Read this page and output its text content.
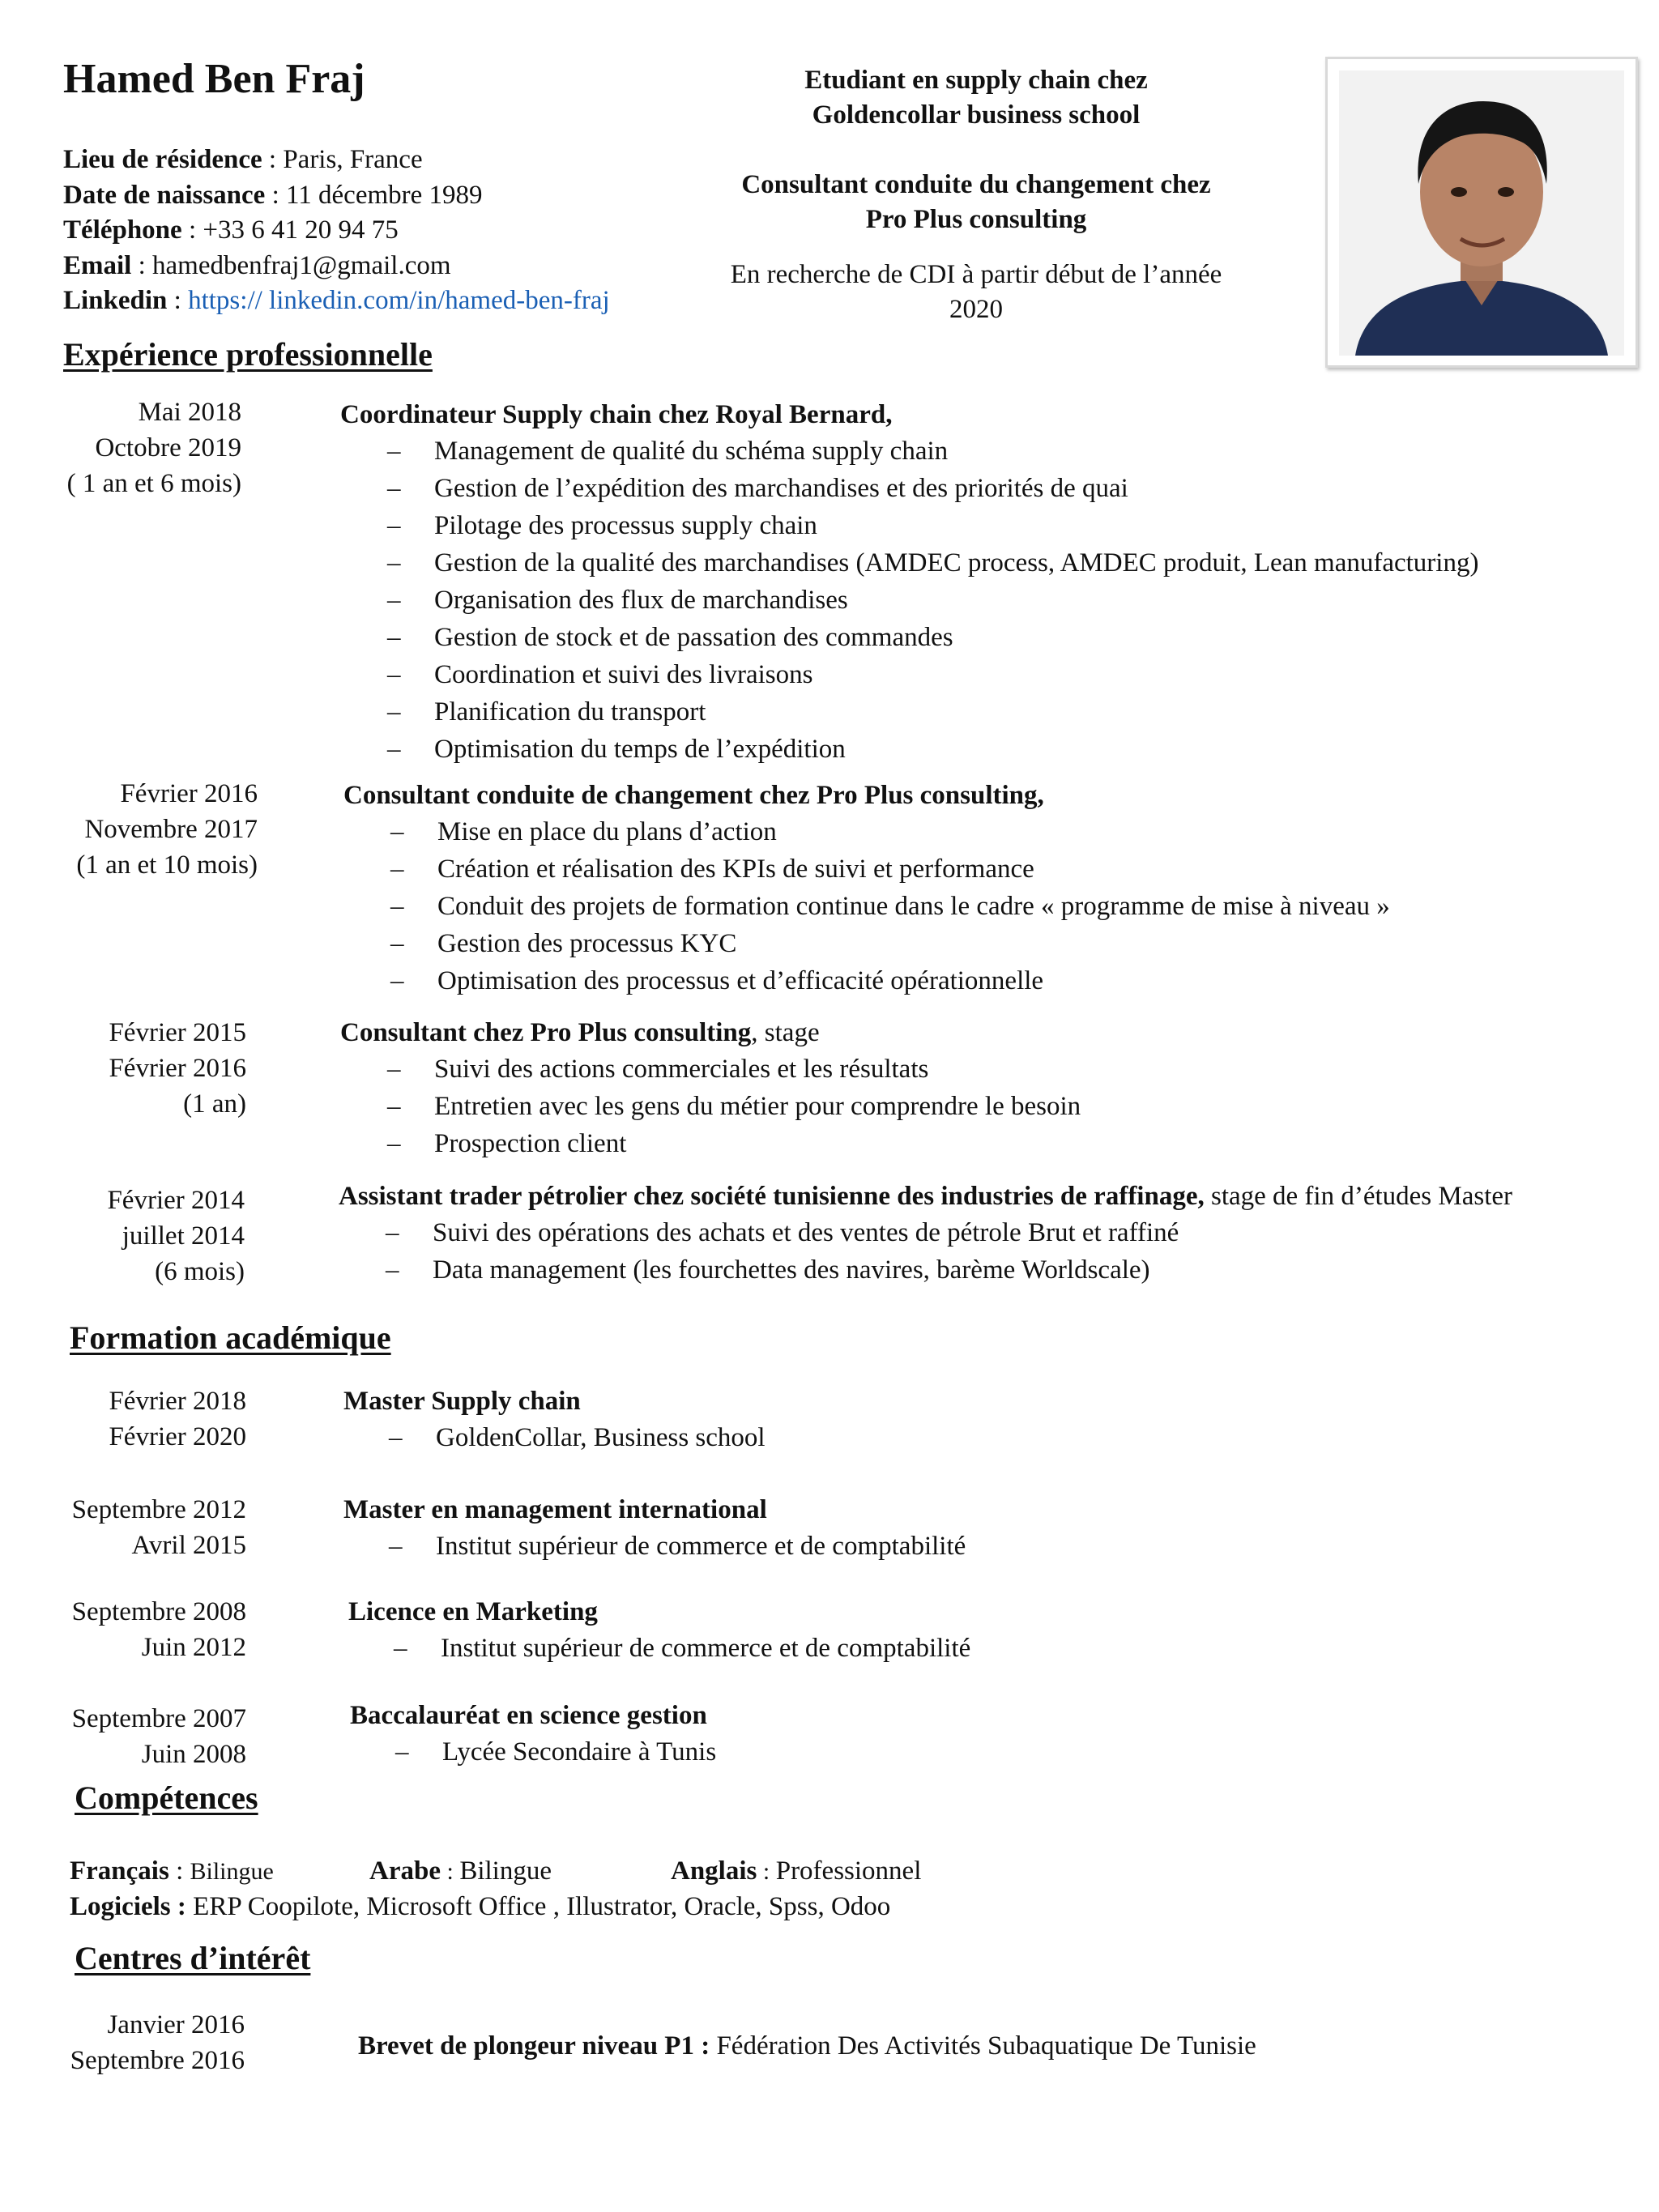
Hamed Ben Fraj
Lieu de résidence : Paris, France
Date de naissance : 11 décembre 1989
Téléphone : +33 6 41 20 94 75
Email : hamedbenfraj1@gmail.com
Linkedin : https:// linkedin.com/in/hamed-ben-fraj
Etudiant en supply chain chez
Goldencollar business school
Consultant conduite du changement chez
Pro Plus consulting
En recherche de CDI à partir début de l’année
2020
Expérience professionnelle
Mai 2018
Octobre 2019
( 1 an et 6 mois)
Coordinateur Supply chain chez Royal Bernard,
– Management de qualité du schéma supply chain
– Gestion de l’expédition des marchandises et des priorités de quai
– Pilotage des processus supply chain
– Gestion de la qualité des marchandises (AMDEC process, AMDEC produit, Lean manufacturing)
– Organisation des flux de marchandises
– Gestion de stock et de passation des commandes
– Coordination et suivi des livraisons
– Planification du transport
– Optimisation du temps de l’expédition
Février 2016
Novembre 2017
(1 an et 10 mois)
Consultant conduite de changement chez Pro Plus consulting,
– Mise en place du plans d’action
– Création et réalisation des KPIs de suivi et performance
– Conduit des projets de formation continue dans le cadre « programme de mise à niveau »
– Gestion des processus KYC
– Optimisation des processus et d’efficacité opérationnelle
Février 2015
Février 2016
(1 an)
Consultant chez Pro Plus consulting, stage
– Suivi des actions commerciales et les résultats
– Entretien avec les gens du métier pour comprendre le besoin
– Prospection client
Février 2014
juillet 2014
(6 mois)
Assistant trader pétrolier chez société tunisienne des industries de raffinage, stage de fin d’études Master
– Suivi des opérations des achats et des ventes de pétrole Brut et raffiné
– Data management (les fourchettes des navires, barème Worldscale)
Formation académique
Février 2018
Février 2020
Master Supply chain
– GoldenCollar, Business school
Septembre 2012
Avril 2015
Master en management international
– Institut supérieur de commerce et de comptabilité
Septembre 2008
Juin 2012
Licence en Marketing
– Institut supérieur de commerce et de comptabilité
Septembre 2007
Juin 2008
Baccalauréat en science gestion
– Lycée Secondaire à Tunis
Compétences
Français : Bilingue	Arabe : Bilingue	Anglais : Professionnel
Logiciels : ERP Coopilote, Microsoft Office , Illustrator, Oracle, Spss, Odoo
Centres d’intérêt
Janvier 2016
Septembre 2016	Brevet de plongeur niveau P1 : Fédération Des Activités Subaquatique De Tunisie
